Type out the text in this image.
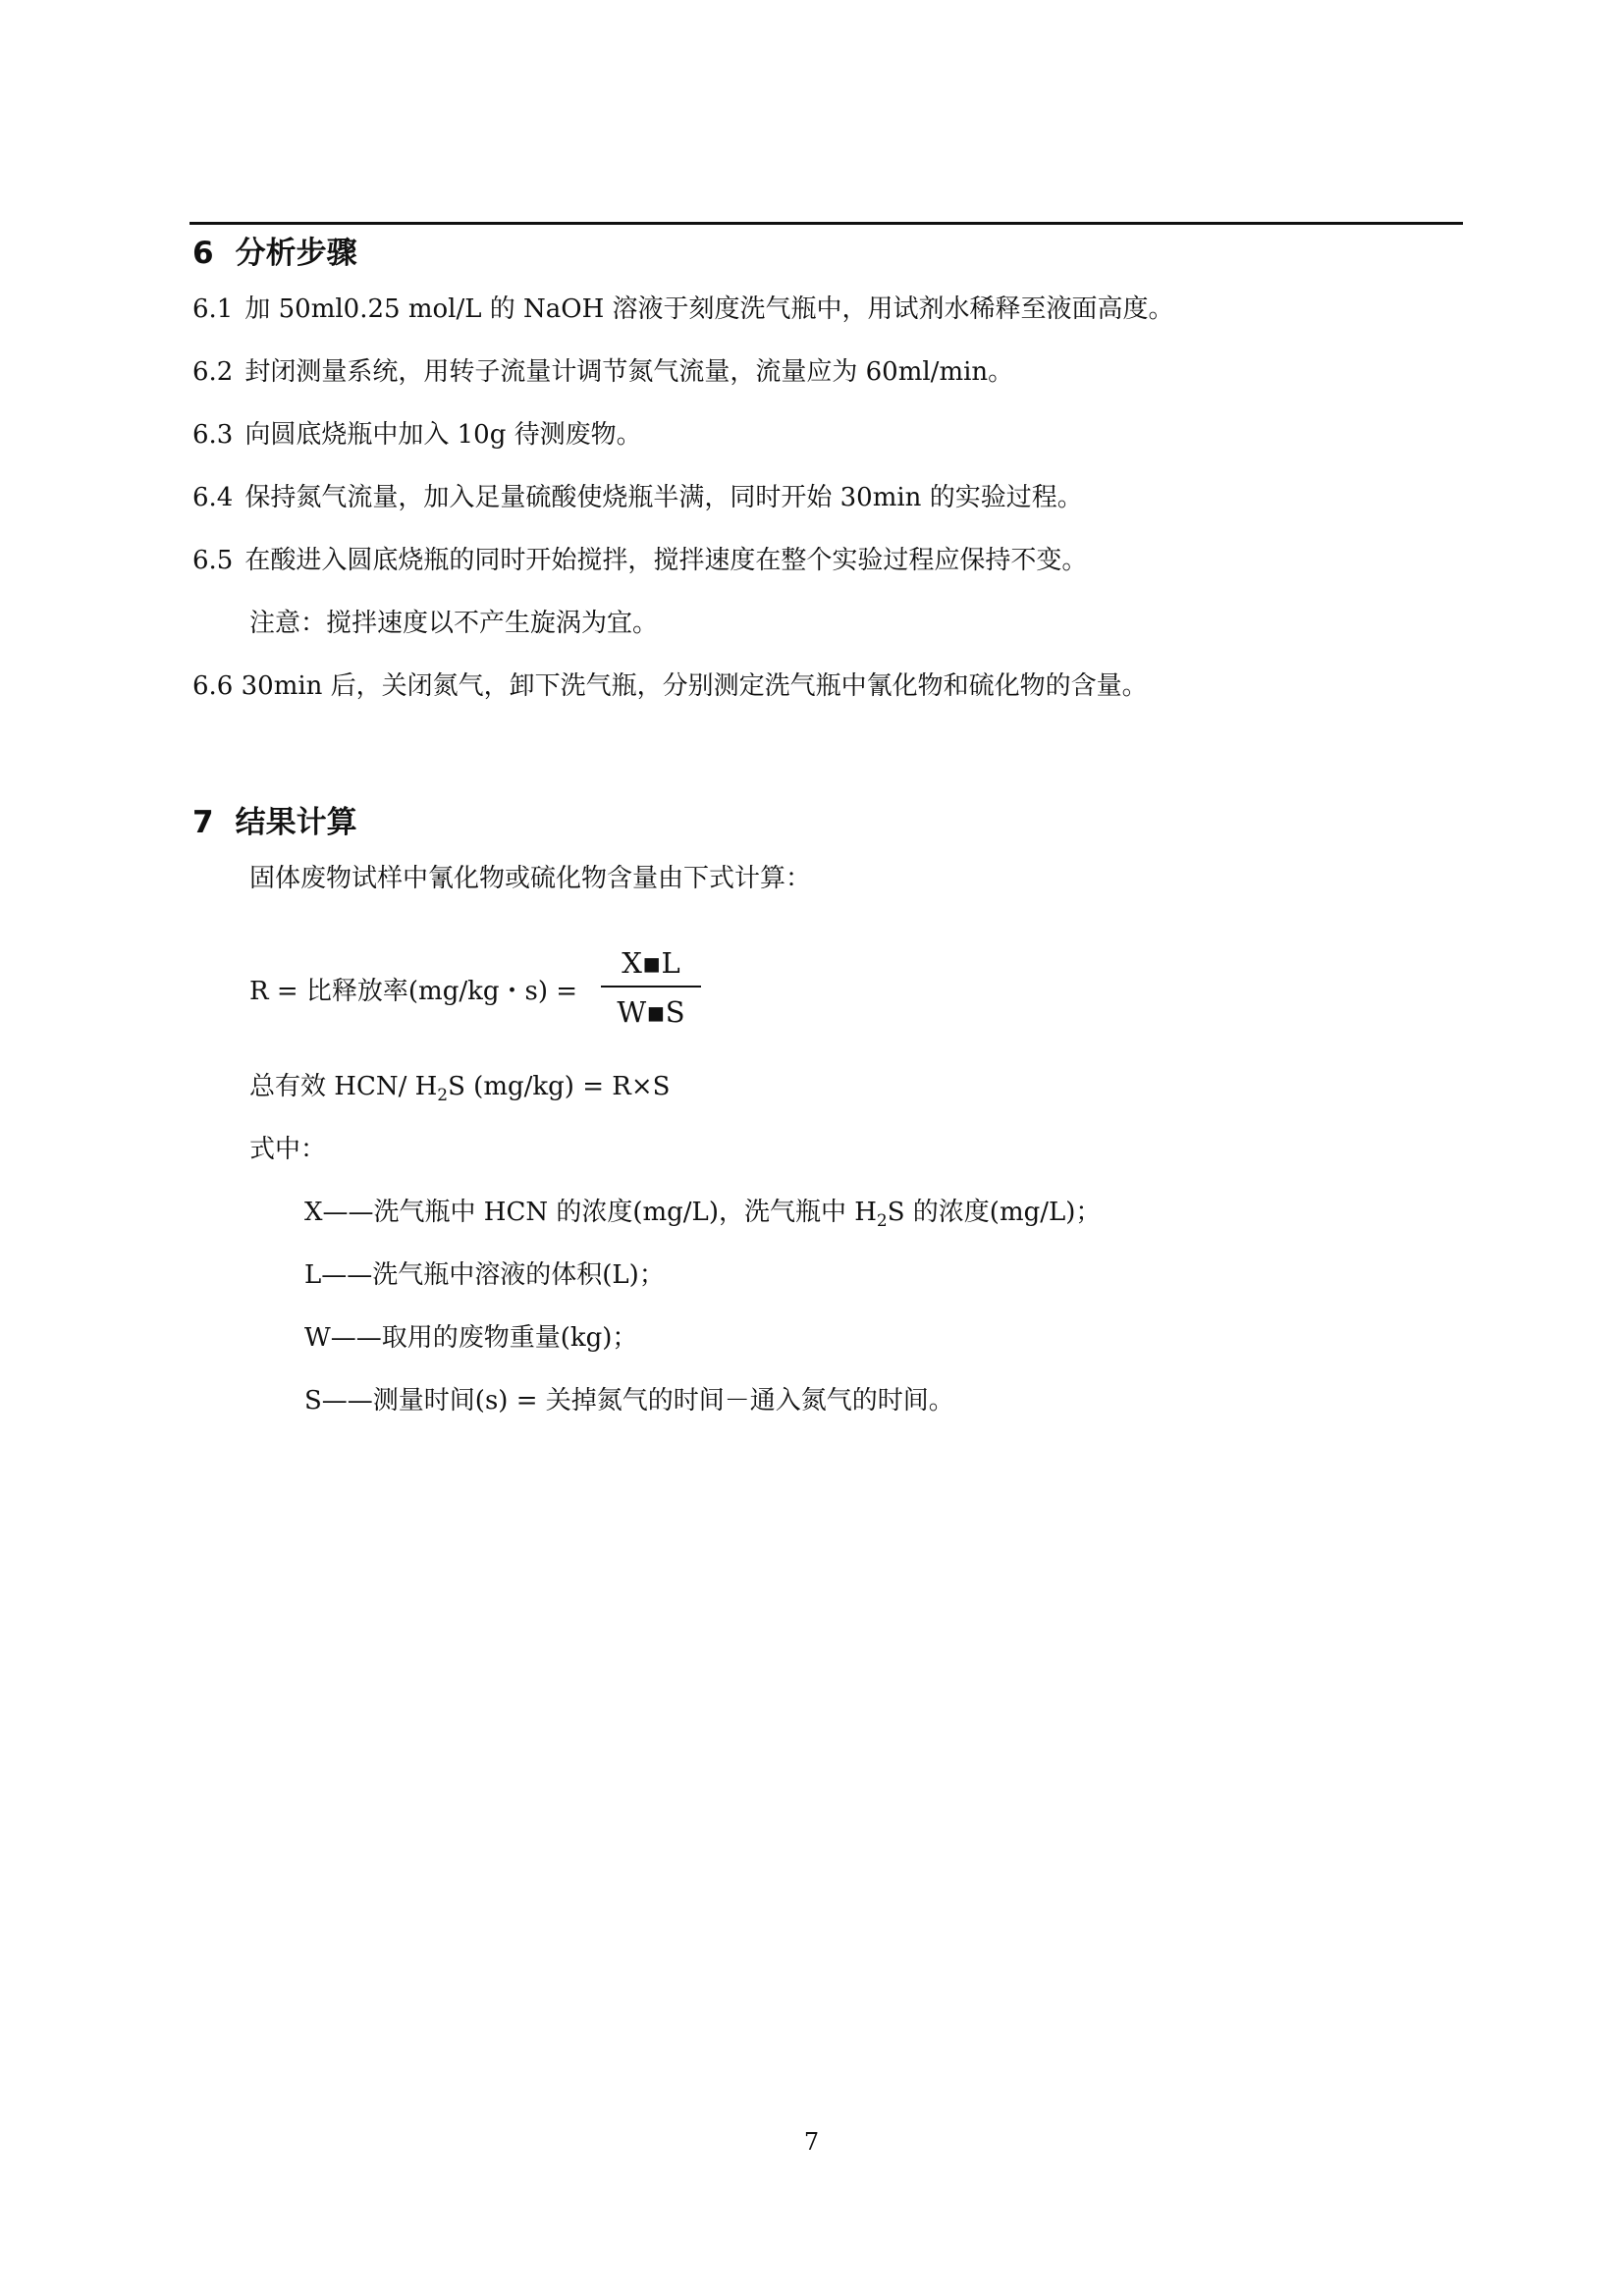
6 分析步骤
6.1 加 50ml0.25 mol/L 的 NaOH 溶液于刻度洗气瓶中，用试剂水稀释至液面高度。
6.2 封闭测量系统，用转子流量计调节氮气流量，流量应为 60ml/min。
6.3 向圆底烧瓶中加入 10g 待测废物。
6.4 保持氮气流量，加入足量硫酸使烧瓶半满，同时开始 30min 的实验过程。
6.5 在酸进入圆底烧瓶的同时开始搅拌，搅拌速度在整个实验过程应保持不变。
注意：搅拌速度以不产生旋涡为宜。
6.6 30min 后，关闭氮气，卸下洗气瓶，分别测定洗气瓶中氰化物和硫化物的含量。
7 结果计算
固体废物试样中氰化物或硫化物含量由下式计算：
R = 比释放率(mg/kg・s) =
X▪L
W▪S
总有效 HCN/ $H_2S$ (mg/kg) = R×S
式中：
X——洗气瓶中 HCN 的浓度(mg/L)，洗气瓶中 $H_2S$ 的浓度(mg/L)；
L——洗气瓶中溶液的体积(L)；
W——取用的废物重量(kg)；
S——测量时间(s) = 关掉氮气的时间－通入氮气的时间。
7
